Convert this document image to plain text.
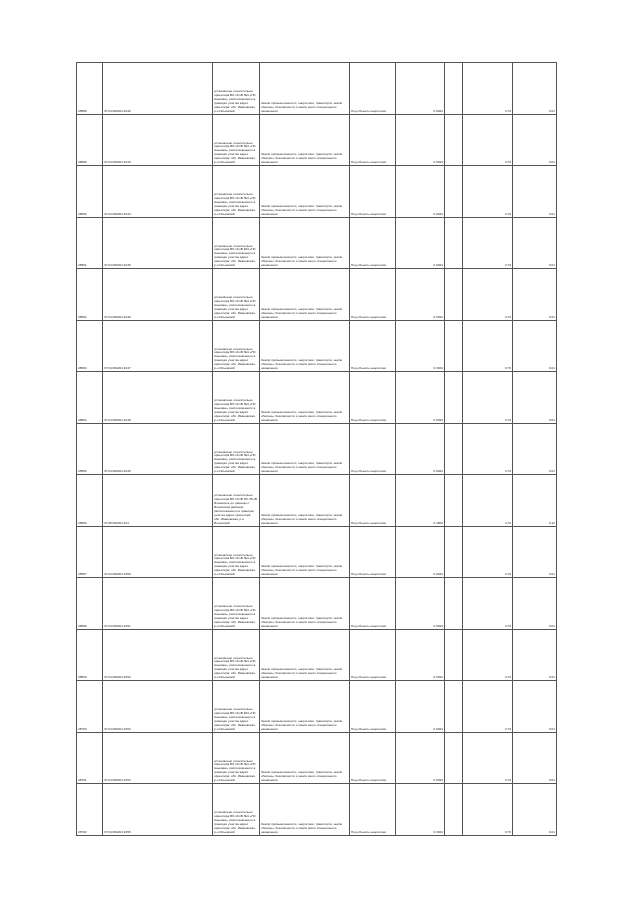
28588	37:04:000201:1042	установлено относительно ориентира ВЛ-10 кВ №4 «ПС Анькова», расположенного в границах участка адрес ориентира: обл. Ивановская, р-н Ильинский	Земли промышленности, энергетики, транспорта, земли обороны, безопасности и земли иного специального назначения	Под объекты энергетики	0.0024		0.79	0.01
28589	37:04:000201:1043	установлено относительно ориентира ВЛ-10 кВ №4 «ПС Анькова», расположенного в границах участка адрес ориентира: обл. Ивановская, р-н Ильинский	Земли промышленности, энергетики, транспорта, земли обороны, безопасности и земли иного специального назначения	Под объекты энергетики	0.0024		0.79	0.01
28590	37:04:000201:1044	установлено относительно ориентира ВЛ-10 кВ №4 «ПС Анькова», расположенного в границах участка адрес ориентира: обл. Ивановская, р-н Ильинский	Земли промышленности, энергетики, транспорта, земли обороны, безопасности и земли иного специального назначения	Под объекты энергетики	0.0024		0.79	0.01
28591	37:04:000201:1045	установлено относительно ориентира ВЛ-10 кВ №4 «ПС Анькова», расположенного в границах участка адрес ориентира: обл. Ивановская, р-н Ильинский	Земли промышленности, энергетики, транспорта, земли обороны, безопасности и земли иного специального назначения	Под объекты энергетики	0.0024		0.79	0.01
28592	37:04:000201:1046	установлено относительно ориентира ВЛ-10 кВ №4 «ПС Анькова», расположенного в границах участка адрес ориентира: обл. Ивановская, р-н Ильинский	Земли промышленности, энергетики, транспорта, земли обороны, безопасности и земли иного специального назначения	Под объекты энергетики	0.0024		0.79	0.01
28593	37:04:000201:1047	установлено относительно ориентира ВЛ-10 кВ №4 «ПС Анькова», расположенного в границах участка адрес ориентира: обл. Ивановская, р-н Ильинский	Земли промышленности, энергетики, транспорта, земли обороны, безопасности и земли иного специального назначения	Под объекты энергетики	0.0024		0.79	0.01
28594	37:04:000201:1048	установлено относительно ориентира ВЛ-10 кВ №4 «ПС Анькова», расположенного в границах участка адрес ориентира: обл. Ивановская, р-н Ильинский	Земли промышленности, энергетики, транспорта, земли обороны, безопасности и земли иного специального назначения	Под объекты энергетики	0.0024		0.79	0.01
28595	37:04:000201:1049	установлено относительно ориентира ВЛ-10 кВ №4 «ПС Анькова», расположенного в границах участка адрес ориентира: обл. Ивановская, р-н Ильинский	Земли промышленности, энергетики, транспорта, земли обороны, безопасности и земли иного специального назначения	Под объекты энергетики	0.0024		0.79	0.01
28596	37:08:000201:101	установлено относительно ориентира ВЛ-10 кВ ПС-35 кВ Ильинское до границы с Ильинским районом, расположенного в границах участка адрес ориентира: обл. Ивановская, р-н Ильинский	Земли промышленности, энергетики, транспорта, земли обороны, безопасности и земли иного специального назначения	Под объекты энергетики	0.1500		0.79	0.12
28597	37:04:000201:1050	установлено относительно ориентира ВЛ-10 кВ №4 «ПС Анькова», расположенного в границах участка адрес ориентира: обл. Ивановская, р-н Ильинский	Земли промышленности, энергетики, транспорта, земли обороны, безопасности и земли иного специального назначения	Под объекты энергетики	0.0024		0.79	0.01
28598	37:04:000201:1051	установлено относительно ориентира ВЛ-10 кВ №4 «ПС Анькова», расположенного в границах участка адрес ориентира: обл. Ивановская, р-н Ильинский	Земли промышленности, энергетики, транспорта, земли обороны, безопасности и земли иного специального назначения	Под объекты энергетики	0.0024		0.79	0.01
28599	37:04:000201:1052	установлено относительно ориентира ВЛ-10 кВ №4 «ПС Анькова», расположенного в границах участка адрес ориентира: обл. Ивановская, р-н Ильинский	Земли промышленности, энергетики, транспорта, земли обороны, безопасности и земли иного специального назначения	Под объекты энергетики	0.0024		0.79	0.01
28700	37:04:000201:1053	установлено относительно ориентира ВЛ-10 кВ №4 «ПС Анькова», расположенного в границах участка адрес ориентира: обл. Ивановская, р-н Ильинский	Земли промышленности, энергетики, транспорта, земли обороны, безопасности и земли иного специального назначения	Под объекты энергетики	0.0024		0.79	0.01
28701	37:04:000201:1054	установлено относительно ориентира ВЛ-10 кВ №4 «ПС Анькова», расположенного в границах участка адрес ориентира: обл. Ивановская, р-н Ильинский	Земли промышленности, энергетики, транспорта, земли обороны, безопасности и земли иного специального назначения	Под объекты энергетики	0.0024		0.79	0.01
28702	37:04:000201:1055	установлено относительно ориентира ВЛ-10 кВ №4 «ПС Анькова», расположенного в границах участка адрес ориентира: обл. Ивановская, р-н Ильинский	Земли промышленности, энергетики, транспорта, земли обороны, безопасности и земли иного специального назначения	Под объекты энергетики	0.0024		0.79	0.01
